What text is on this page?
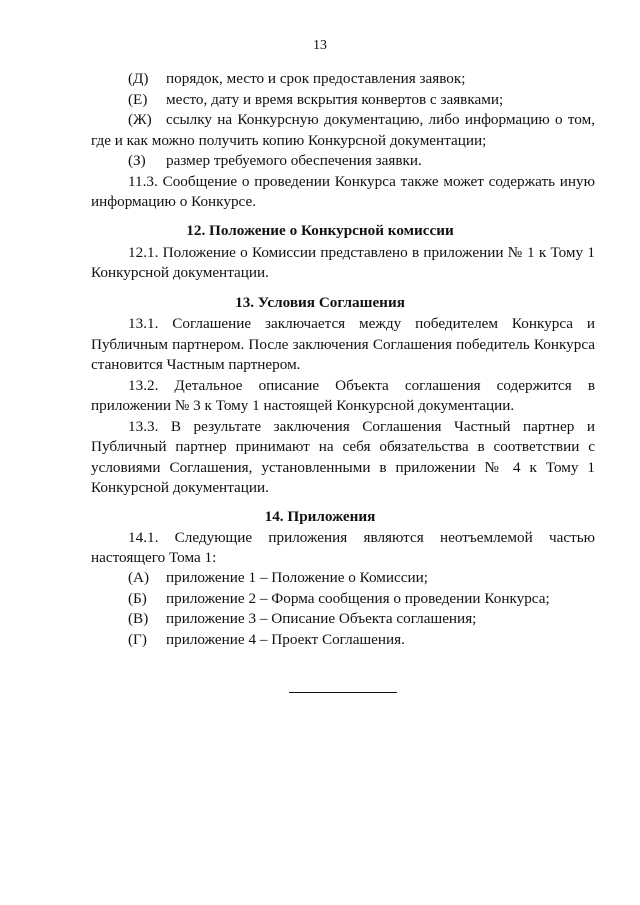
13
(Д) порядок, место и срок предоставления заявок;
(Е) место, дату и время вскрытия конвертов с заявками;
(Ж) ссылку на Конкурсную документацию, либо информацию о том,
где и как можно получить копию Конкурсной документации;
(З) размер требуемого обеспечения заявки.
11.3. Сообщение о проведении Конкурса также может содержать иную
информацию о Конкурсе.
12. Положение о Конкурсной комиссии
12.1. Положение о Комиссии представлено в приложении № 1 к Тому 1
Конкурсной документации.
13. Условия Соглашения
13.1. Соглашение заключается между победителем Конкурса и
Публичным партнером. После заключения Соглашения победитель Конкурса
становится Частным партнером.
13.2. Детальное описание Объекта соглашения содержится в
приложении № 3 к Тому 1 настоящей Конкурсной документации.
13.3. В результате заключения Соглашения Частный партнер и
Публичный партнер принимают на себя обязательства в соответствии с
условиями Соглашения, установленными в приложении № 4 к Тому 1
Конкурсной документации.
14. Приложения
14.1. Следующие приложения являются неотъемлемой частью
настоящего Тома 1:
(А) приложение 1 – Положение о Комиссии;
(Б) приложение 2 – Форма сообщения о проведении Конкурса;
(В) приложение 3 – Описание Объекта соглашения;
(Г) приложение 4 – Проект Соглашения.
